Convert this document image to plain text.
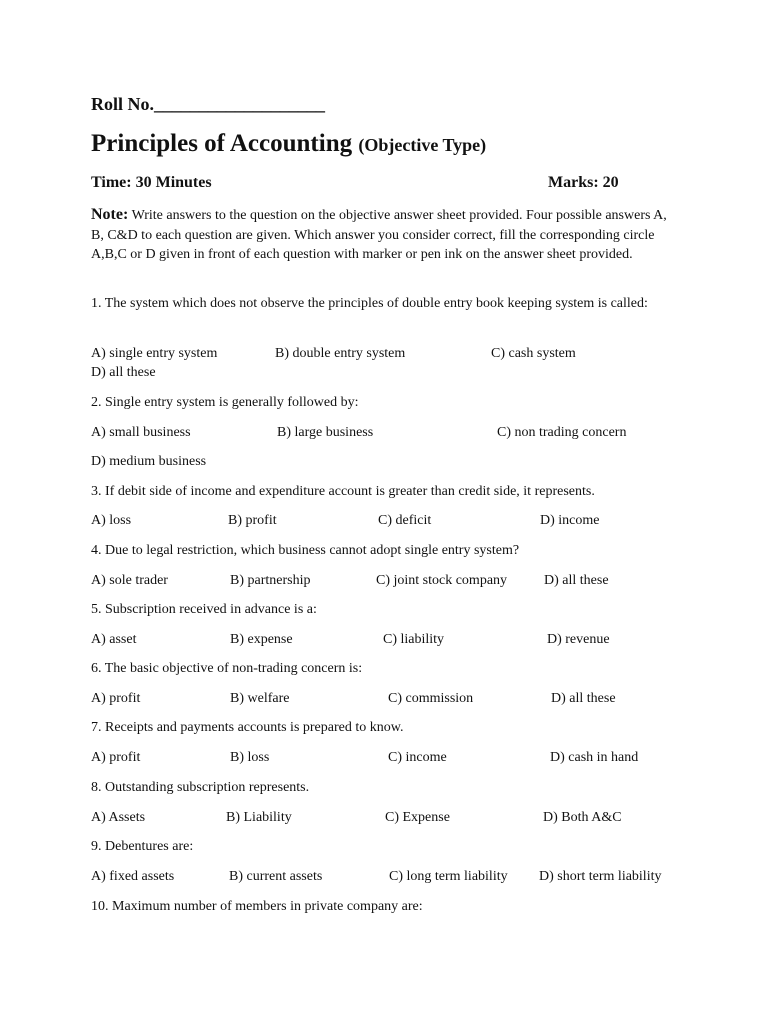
Roll No.___________________
Principles of Accounting (Objective Type)
Time: 30 Minutes	Marks: 20
Note: Write answers to the question on the objective answer sheet provided. Four possible answers A, B, C&D to each question are given. Which answer you consider correct, fill the corresponding circle A,B,C or D given in front of each question with marker or pen ink on the answer sheet provided.
1. The system which does not observe the principles of double entry book keeping system is called:
A) single entry system	B) double entry system	C) cash system
D) all these
2. Single entry system is generally followed by:
A) small business	B) large business	C) non trading concern
D) medium business
3. If debit side of income and expenditure account is greater than credit side, it represents.
A) loss	B) profit	C) deficit	D) income
4. Due to legal restriction, which business cannot adopt single entry system?
A) sole trader	B) partnership	C) joint stock company	D) all these
5. Subscription received in advance is a:
A) asset	B) expense	C) liability	D) revenue
6. The basic objective of non-trading concern is:
A) profit	B) welfare	C) commission	D) all these
7. Receipts and payments accounts is prepared to know.
A) profit	B) loss	C) income	D) cash in hand
8. Outstanding subscription represents.
A) Assets	B) Liability	C) Expense	D) Both A&C
9. Debentures are:
A) fixed assets	B) current assets	C) long term liability D) short term liability
10. Maximum number of members in private company are:
